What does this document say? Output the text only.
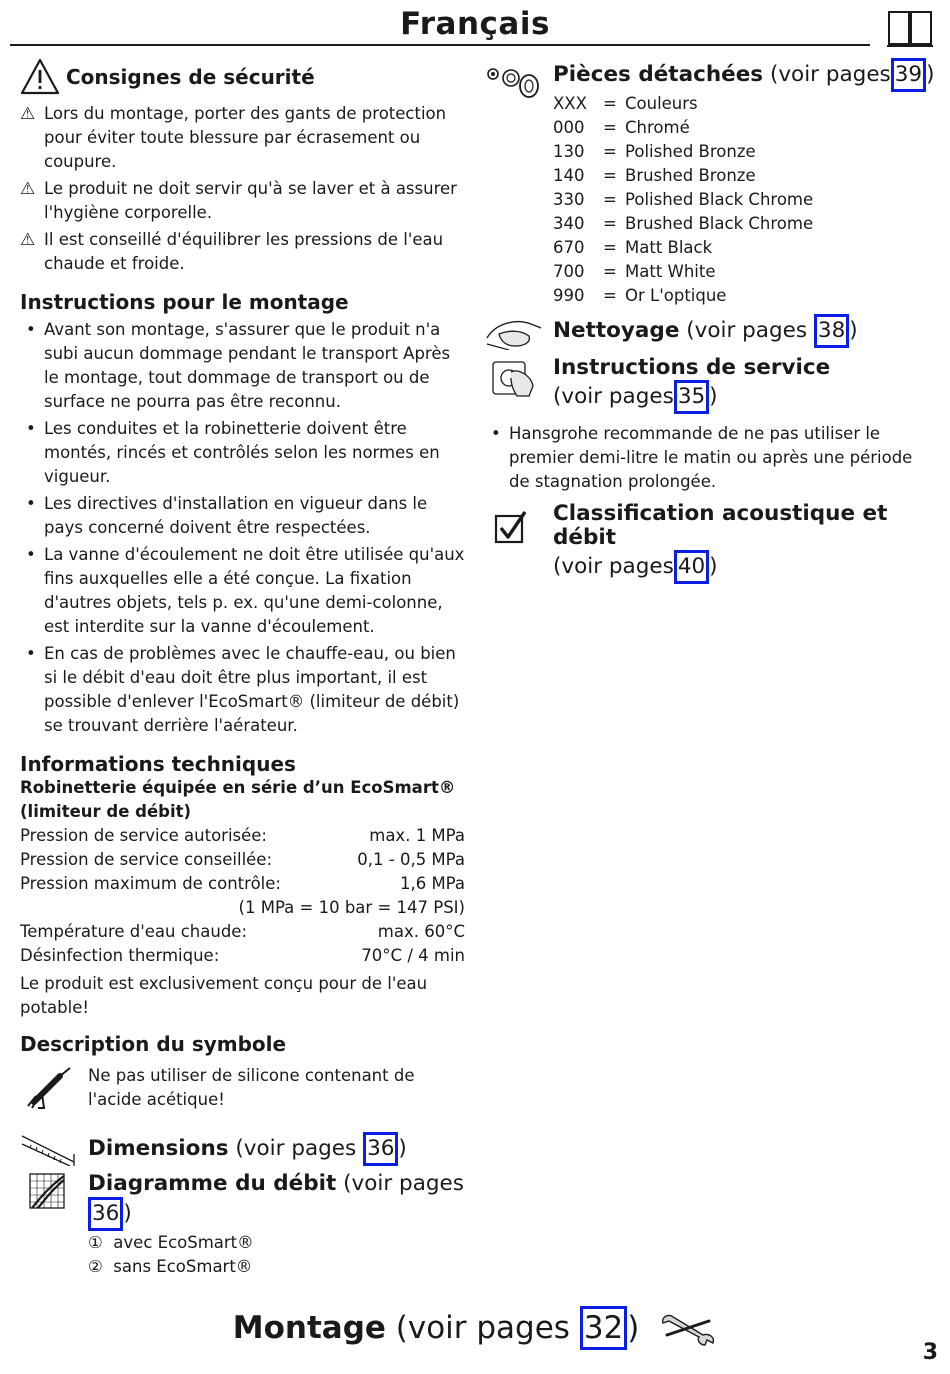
Français
Consignes de sécurité
⚠ Lors du montage, porter des gants de protection pour éviter toute blessure par écrasement ou coupure.
⚠ Le produit ne doit servir qu'à se laver et à assurer l'hygiène corporelle.
⚠ Il est conseillé d'équilibrer les pressions de l'eau chaude et froide.
Instructions pour le montage
• Avant son montage, s'assurer que le produit n'a subi aucun dommage pendant le transport Après le montage, tout dommage de transport ou de surface ne pourra pas être reconnu.
• Les conduites et la robinetterie doivent être montés, rincés et contrôlés selon les normes en vigueur.
• Les directives d'installation en vigueur dans le pays concerné doivent être respectées.
• La vanne d'écoulement ne doit être utilisée qu'aux fins auxquelles elle a été conçue. La fixation d'autres objets, tels p. ex. qu'une demi-colonne, est interdite sur la vanne d'écoulement.
• En cas de problèmes avec le chauffe-eau, ou bien si le débit d'eau doit être plus important, il est possible d'enlever l'EcoSmart® (limiteur de débit) se trouvant derrière l'aérateur.
Informations techniques
Robinetterie équipée en série d’un EcoSmart® (limiteur de débit)
Pression de service autorisée:	max. 1 MPa
Pression de service conseillée:	0,1 - 0,5 MPa
Pression maximum de contrôle:	1,6 MPa
(1 MPa = 10 bar = 147 PSI)
Température d'eau chaude:	max. 60°C
Désinfection thermique:	70°C / 4 min
Le produit est exclusivement conçu pour de l'eau potable!
Description du symbole
Ne pas utiliser de silicone contenant de l'acide acétique!
Dimensions (voir pages 36 )
Diagramme du débit (voir pages36 )
① avec EcoSmart®
② sans EcoSmart®
Pièces détachées (voir pages 39 )
XXX = Couleurs
000	= Chromé
130	= Polished Bronze
140	= Brushed Bronze
330	= Polished Black Chrome
340	= Brushed Black Chrome
670	= Matt Black
700	= Matt White
990	= Or L'optique
Nettoyage (voir pages 38 )
Instructions de service
(voir pages 35 )
• Hansgrohe recommande de ne pas utiliser le premier demi-litre le matin ou après une période de stagnation prolongée.
Classification acoustique et débit
(voir pages 40 )
Montage (voir pages 32 )
3
